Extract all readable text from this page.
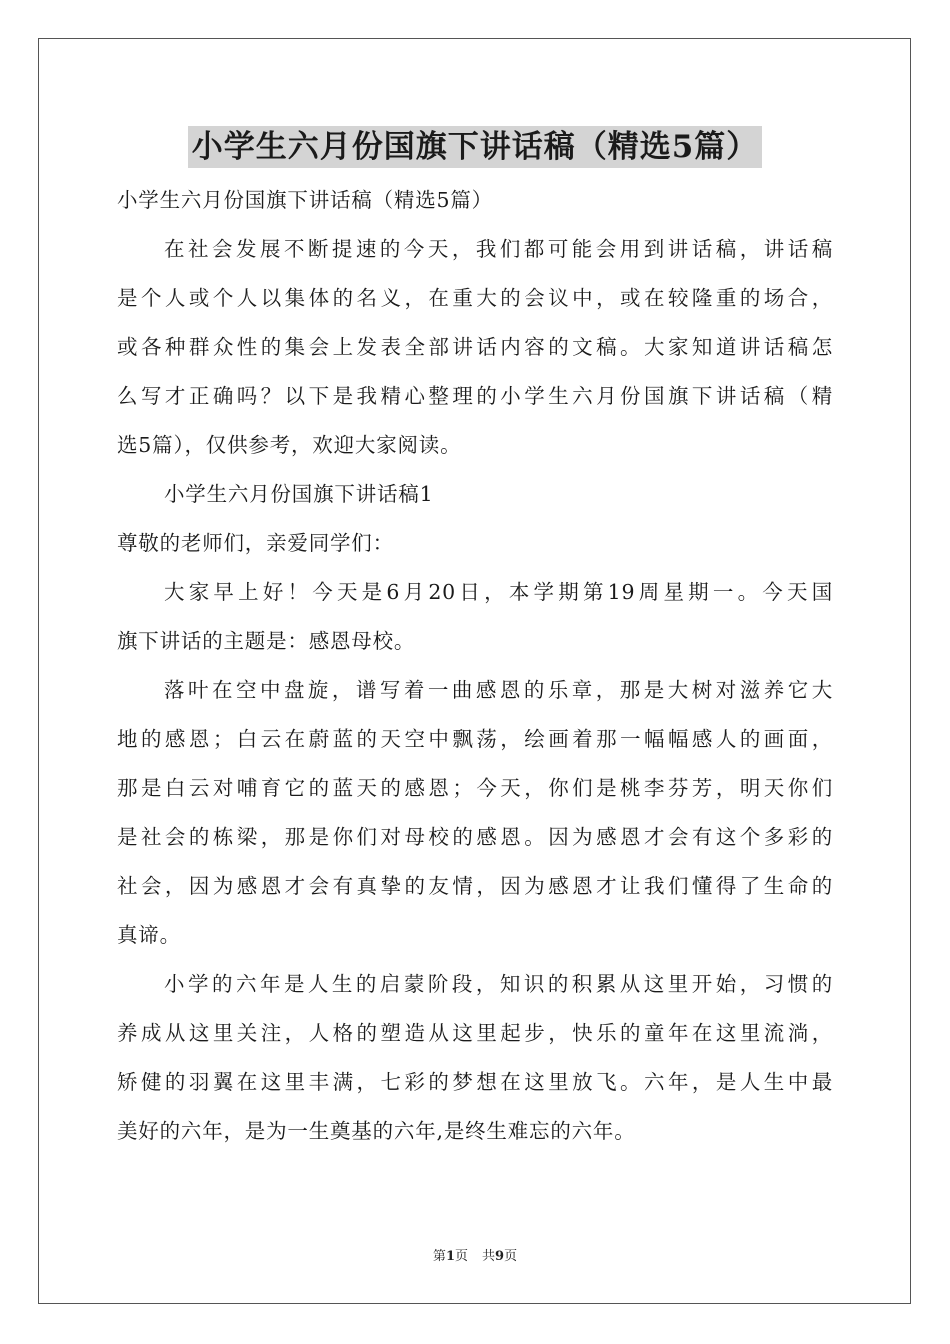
小学生六月份国旗下讲话稿（精选5篇）
小学生六月份国旗下讲话稿（精选5篇）
在社会发展不断提速的今天，我们都可能会用到讲话稿，讲话稿
是个人或个人以集体的名义，在重大的会议中，或在较隆重的场合，
或各种群众性的集会上发表全部讲话内容的文稿。大家知道讲话稿怎
么写才正确吗？以下是我精心整理的小学生六月份国旗下讲话稿（精
选5篇），仅供参考，欢迎大家阅读。
小学生六月份国旗下讲话稿1
尊敬的老师们，亲爱同学们：
大家早上好！今天是6月20日，本学期第19周星期一。今天国
旗下讲话的主题是：感恩母校。
落叶在空中盘旋，谱写着一曲感恩的乐章，那是大树对滋养它大
地的感恩；白云在蔚蓝的天空中飘荡，绘画着那一幅幅感人的画面，
那是白云对哺育它的蓝天的感恩；今天，你们是桃李芬芳，明天你们
是社会的栋梁，那是你们对母校的感恩。因为感恩才会有这个多彩的
社会，因为感恩才会有真挚的友情，因为感恩才让我们懂得了生命的
真谛。
小学的六年是人生的启蒙阶段，知识的积累从这里开始，习惯的
养成从这里关注，人格的塑造从这里起步，快乐的童年在这里流淌，
矫健的羽翼在这里丰满，七彩的梦想在这里放飞。六年，是人生中最
美好的六年，是为一生奠基的六年,是终生难忘的六年。
第1页 共9页
